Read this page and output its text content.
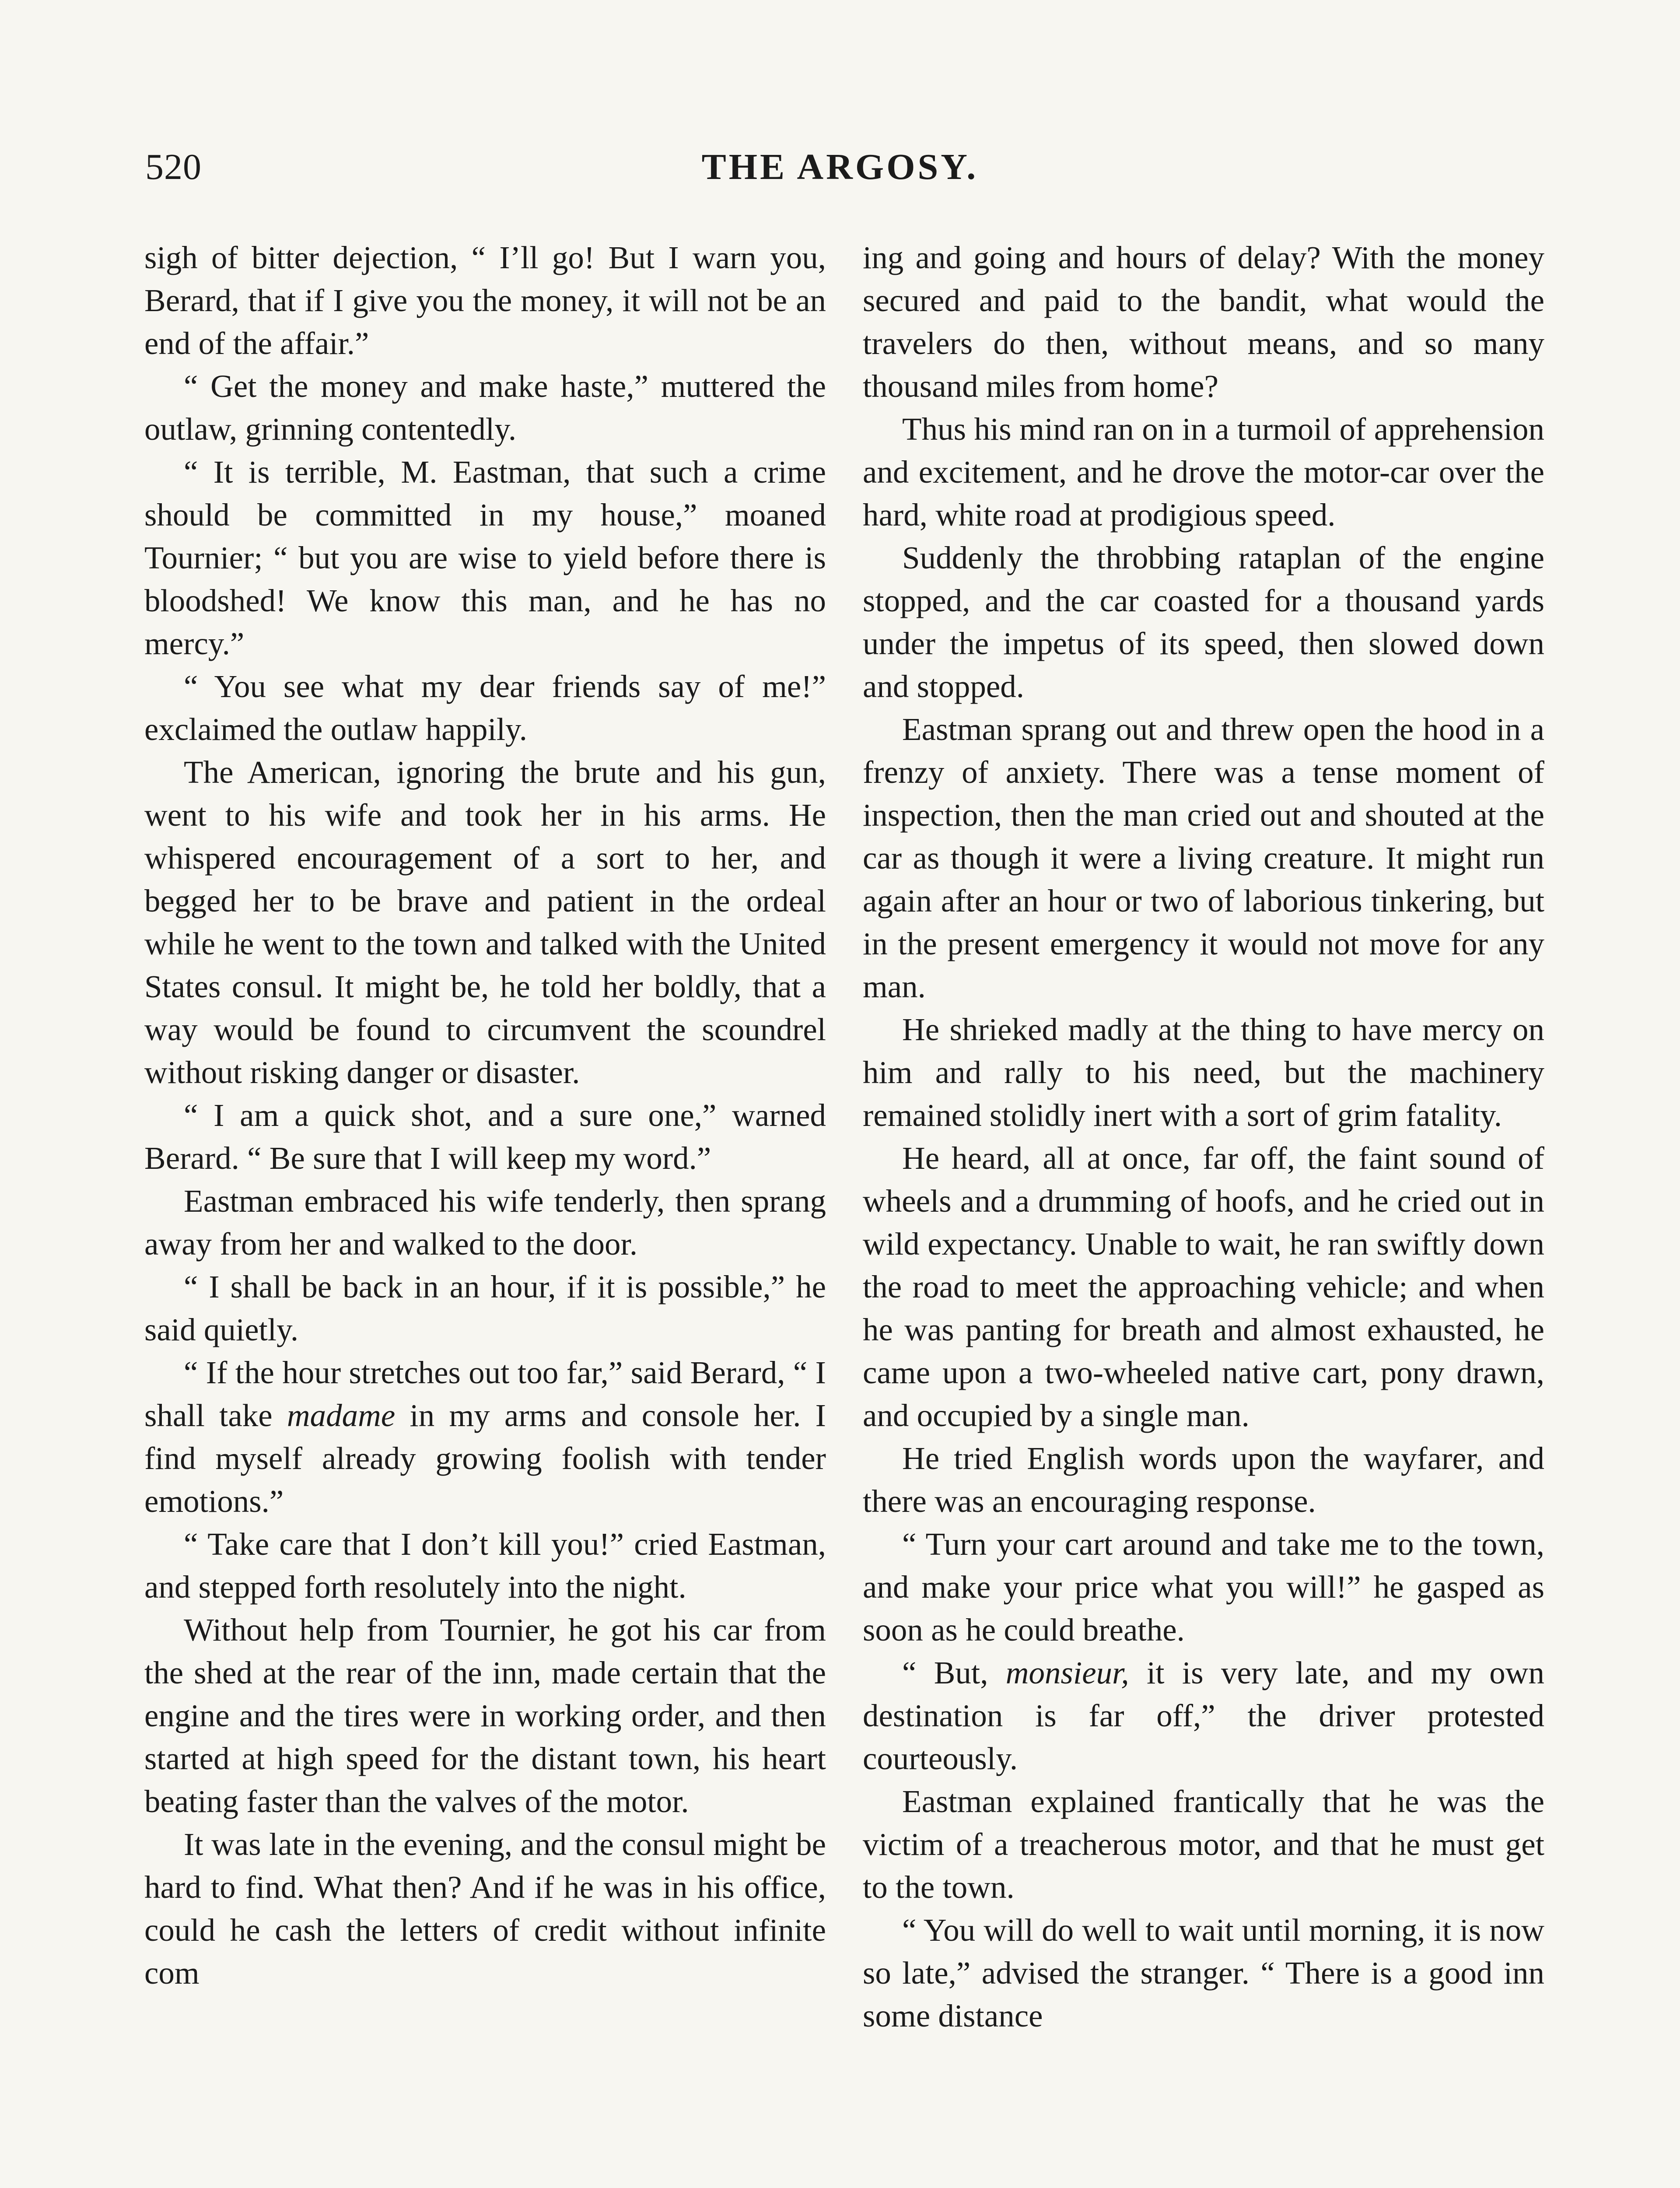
520	THE ARGOSY.

sigh of bitter dejection, “ I’ll go! But I warn you, Berard, that if I give you the money, it will not be an end of the affair.”

“ Get the money and make haste,” muttered the outlaw, grinning contentedly.

“ It is terrible, M. Eastman, that such a crime should be committed in my house,” moaned Tournier; “ but you are wise to yield before there is bloodshed! We know this man, and he has no mercy.”

“ You see what my dear friends say of me!” exclaimed the outlaw happily.

The American, ignoring the brute and his gun, went to his wife and took her in his arms. He whispered encouragement of a sort to her, and begged her to be brave and patient in the ordeal while he went to the town and talked with the United States consul. It might be, he told her boldly, that a way would be found to circumvent the scoundrel without risking danger or disaster.

“ I am a quick shot, and a sure one,” warned Berard. “ Be sure that I will keep my word.”

Eastman embraced his wife tenderly, then sprang away from her and walked to the door.

“ I shall be back in an hour, if it is possible,” he said quietly.

“ If the hour stretches out too far,” said Berard, “ I shall take madame in my arms and console her. I find myself already growing foolish with tender emotions.”

“ Take care that I don’t kill you!” cried Eastman, and stepped forth resolutely into the night.

Without help from Tournier, he got his car from the shed at the rear of the inn, made certain that the engine and the tires were in working order, and then started at high speed for the distant town, his heart beating faster than the valves of the motor.

It was late in the evening, and the consul might be hard to find. What then? And if he was in his office, could he cash the letters of credit without infinite com

ing and going and hours of delay? With the money secured and paid to the bandit, what would the travelers do then, without means, and so many thousand miles from home?

Thus his mind ran on in a turmoil of apprehension and excitement, and he drove the motor-car over the hard, white road at prodigious speed.

Suddenly the throbbing rataplan of the engine stopped, and the car coasted for a thousand yards under the impetus of its speed, then slowed down and stopped.

Eastman sprang out and threw open the hood in a frenzy of anxiety. There was a tense moment of inspection, then the man cried out and shouted at the car as though it were a living creature. It might run again after an hour or two of laborious tinkering, but in the present emergency it would not move for any man.

He shrieked madly at the thing to have mercy on him and rally to his need, but the machinery remained stolidly inert with a sort of grim fatality.

He heard, all at once, far off, the faint sound of wheels and a drumming of hoofs, and he cried out in wild expectancy. Unable to wait, he ran swiftly down the road to meet the approaching vehicle; and when he was panting for breath and almost exhausted, he came upon a two-wheeled native cart, pony drawn, and occupied by a single man.

He tried English words upon the wayfarer, and there was an encouraging response.

“ Turn your cart around and take me to the town, and make your price what you will!” he gasped as soon as he could breathe.

“ But, monsieur, it is very late, and my own destination is far off,” the driver protested courteously.

Eastman explained frantically that he was the victim of a treacherous motor, and that he must get to the town.

“ You will do well to wait until morning, it is now so late,” advised the stranger. “ There is a good inn some distance
